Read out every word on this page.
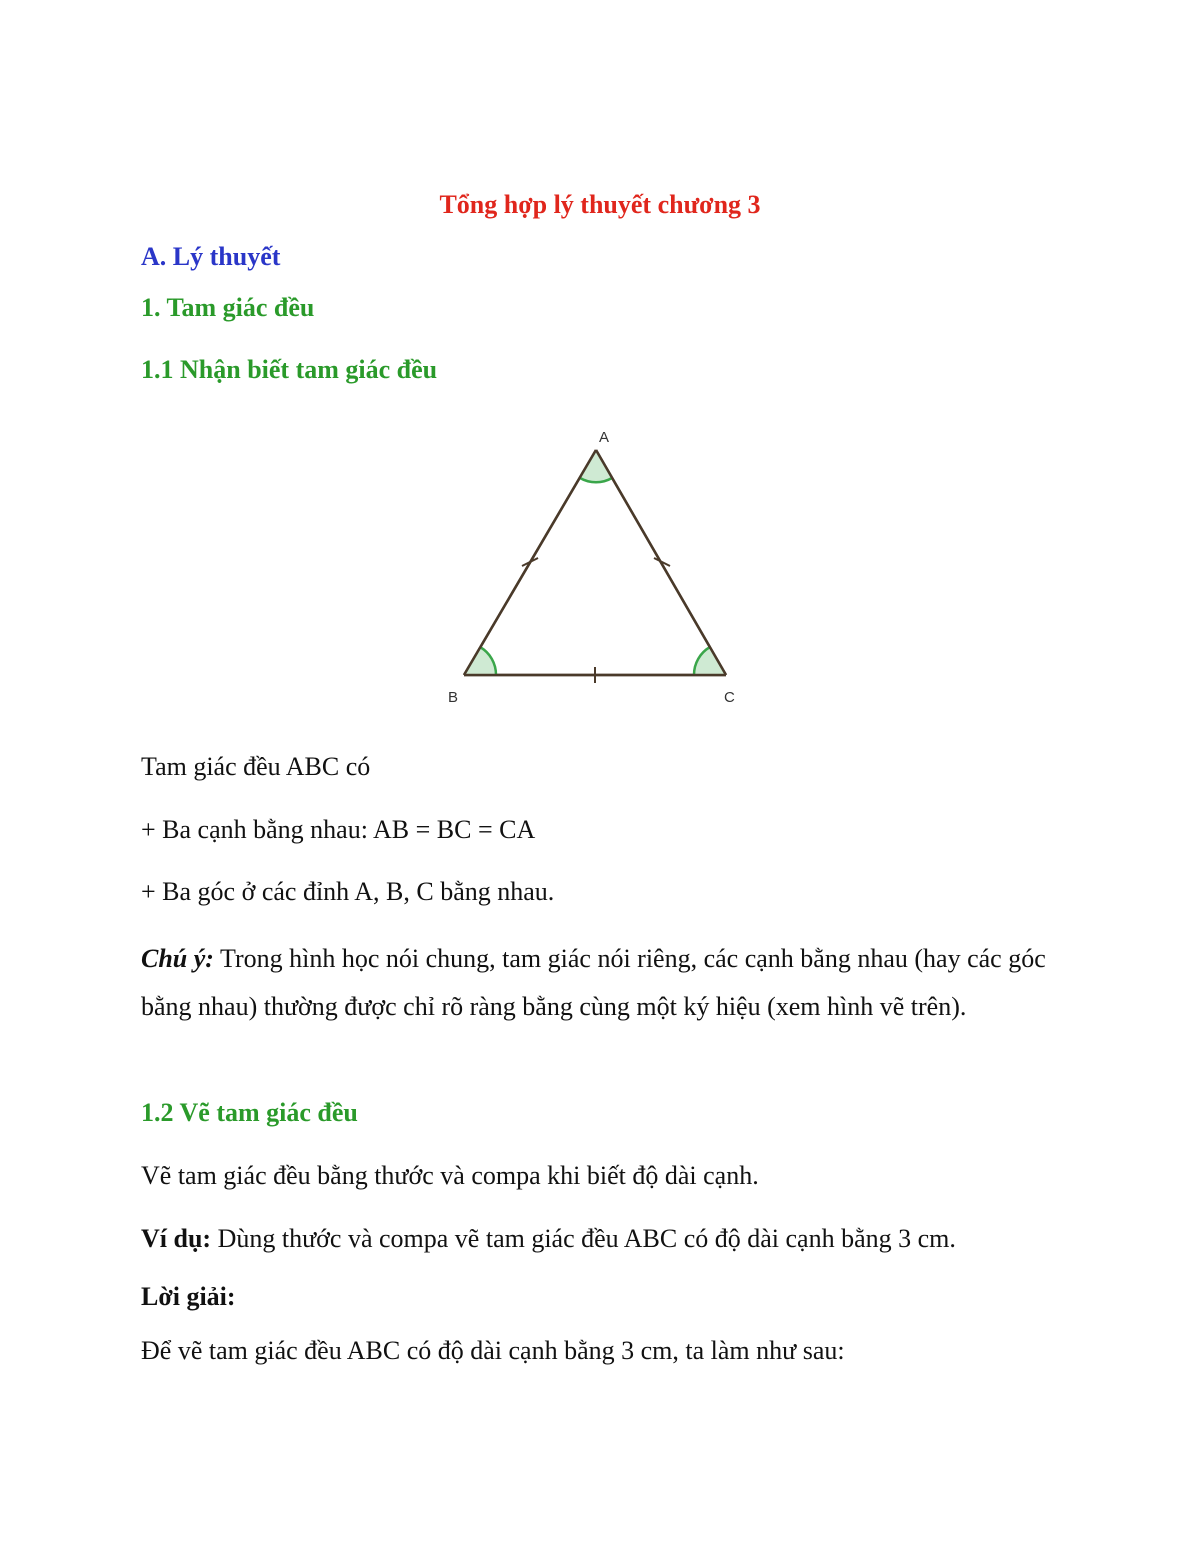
Tổng hợp lý thuyết chương 3
A. Lý thuyết
1. Tam giác đều
1.1 Nhận biết tam giác đều
A
B	C
Tam giác đều ABC có
+ Ba cạnh bằng nhau: AB = BC = CA
+ Ba góc ở các đỉnh A, B, C bằng nhau.
Chú ý: Trong hình học nói chung, tam giác nói riêng, các cạnh bằng nhau (hay các góc bằng nhau) thường được chỉ rõ ràng bằng cùng một ký hiệu (xem hình vẽ trên).
1.2 Vẽ tam giác đều
Vẽ tam giác đều bằng thước và compa khi biết độ dài cạnh.
Ví dụ: Dùng thước và compa vẽ tam giác đều ABC có độ dài cạnh bằng 3 cm.
Lời giải:
Để vẽ tam giác đều ABC có độ dài cạnh bằng 3 cm, ta làm như sau:
